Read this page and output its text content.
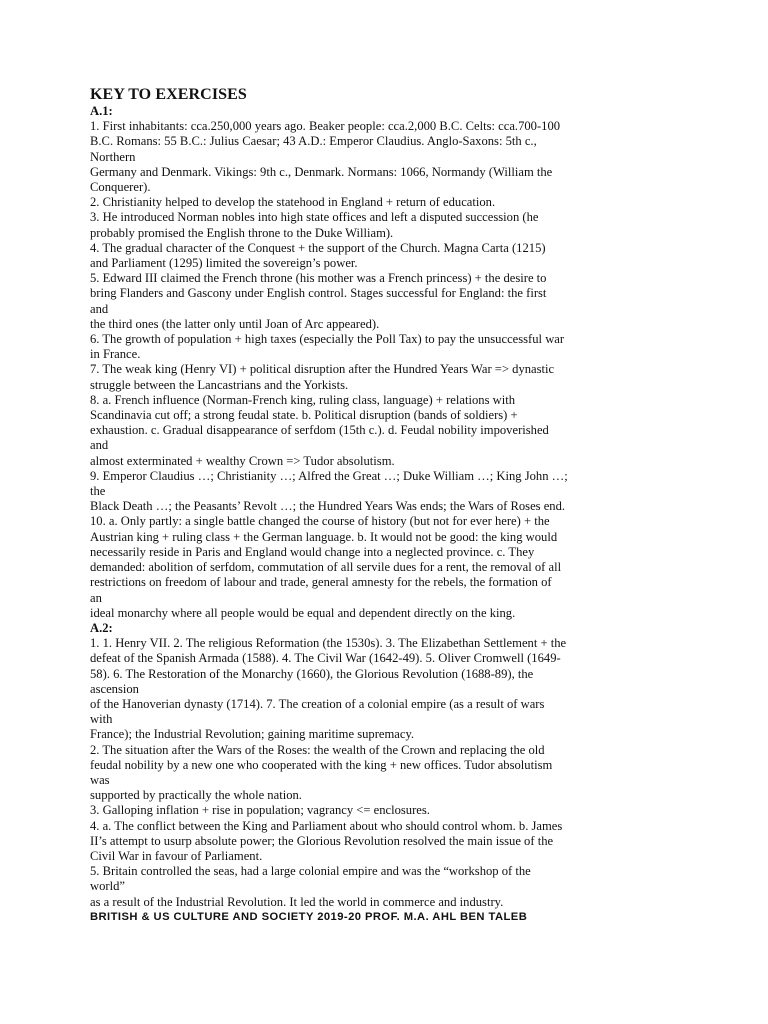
KEY TO EXERCISES

A.1:

1. First inhabitants: cca.250,000 years ago. Beaker people: cca.2,000 B.C. Celts: cca.700-100

B.C. Romans: 55 B.C.: Julius Caesar; 43 A.D.: Emperor Claudius. Anglo-Saxons: 5th c.,

Northern

Germany and Denmark. Vikings: 9th c., Denmark. Normans: 1066, Normandy (William the

Conquerer).

2. Christianity helped to develop the statehood in England + return of education.

3. He introduced Norman nobles into high state offices and left a disputed succession (he

probably promised the English throne to the Duke William).

4. The gradual character of the Conquest + the support of the Church. Magna Carta (1215)

and Parliament (1295) limited the sovereign’s power.

5. Edward III claimed the French throne (his mother was a French princess) + the desire to

bring Flanders and Gascony under English control. Stages successful for England: the first

and

the third ones (the latter only until Joan of Arc appeared).

6. The growth of population + high taxes (especially the Poll Tax) to pay the unsuccessful war

in France.

7. The weak king (Henry VI) + political disruption after the Hundred Years War => dynastic

struggle between the Lancastrians and the Yorkists.

8. a. French influence (Norman-French king, ruling class, language) + relations with

Scandinavia cut off; a strong feudal state. b. Political disruption (bands of soldiers) +

exhaustion. c. Gradual disappearance of serfdom (15th c.). d. Feudal nobility impoverished

and

almost exterminated + wealthy Crown => Tudor absolutism.

9. Emperor Claudius …; Christianity …; Alfred the Great …; Duke William …; King John …;

the

Black Death …; the Peasants’ Revolt …; the Hundred Years Was ends; the Wars of Roses end.

10. a. Only partly: a single battle changed the course of history (but not for ever here) + the

Austrian king + ruling class + the German language. b. It would not be good: the king would

necessarily reside in Paris and England would change into a neglected province. c. They

demanded: abolition of serfdom, commutation of all servile dues for a rent, the removal of all

restrictions on freedom of labour and trade, general amnesty for the rebels, the formation of

an

ideal monarchy where all people would be equal and dependent directly on the king.

A.2:

1. 1. Henry VII. 2. The religious Reformation (the 1530s). 3. The Elizabethan Settlement + the

defeat of the Spanish Armada (1588). 4. The Civil War (1642-49). 5. Oliver Cromwell (1649-

58). 6. The Restoration of the Monarchy (1660), the Glorious Revolution (1688-89), the

ascension

of the Hanoverian dynasty (1714). 7. The creation of a colonial empire (as a result of wars

with

France); the Industrial Revolution; gaining maritime supremacy.

2. The situation after the Wars of the Roses: the wealth of the Crown and replacing the old

feudal nobility by a new one who cooperated with the king + new offices. Tudor absolutism

was

supported by practically the whole nation.

3. Galloping inflation + rise in population; vagrancy <= enclosures.

4. a. The conflict between the King and Parliament about who should control whom. b. James

II’s attempt to usurp absolute power; the Glorious Revolution resolved the main issue of the

Civil War in favour of Parliament.

5. Britain controlled the seas, had a large colonial empire and was the “workshop of the

world”

as a result of the Industrial Revolution. It led the world in commerce and industry.

BRITISH & US CULTURE AND SOCIETY 2019-20 PROF. M.A. AHL BEN TALEB
